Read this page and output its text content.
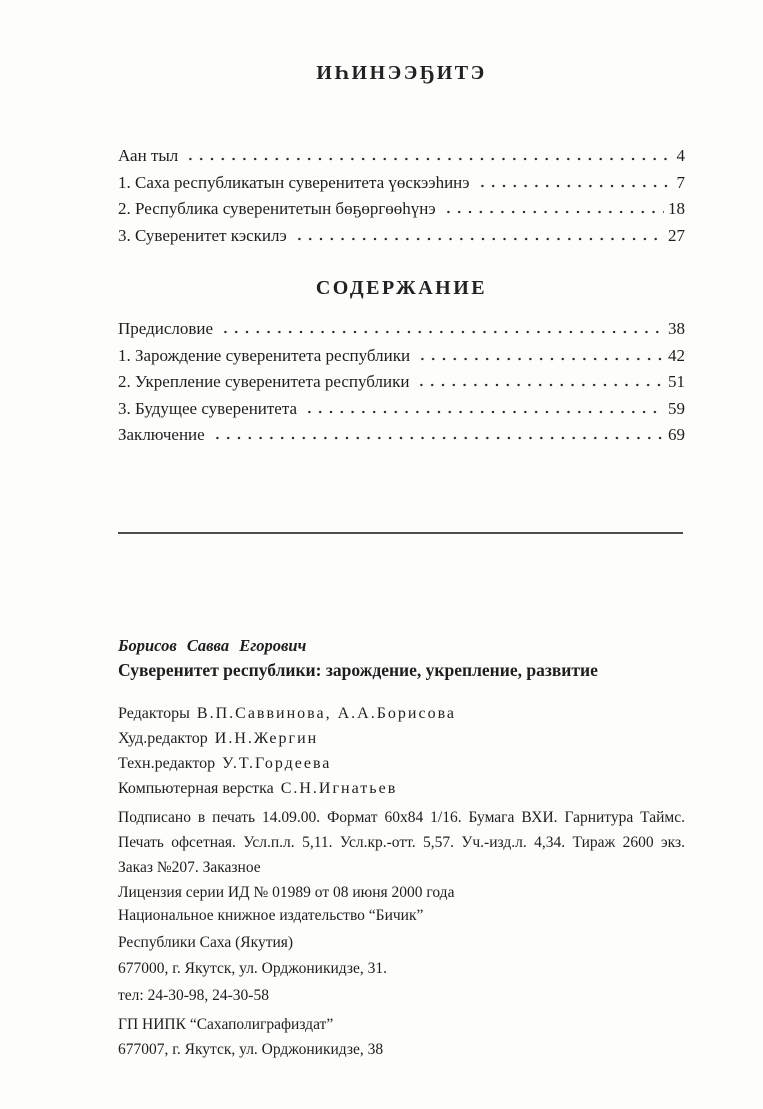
ИҺИНЭЭҔИТЭ
Аан тыл	4
1. Саха республикатын суверенитета үөскээһинэ	7
2. Республика суверенитетын бөҕөргөөһүнэ	18
3. Суверенитет кэскилэ	27
СОДЕРЖАНИЕ
Предисловие	38
1. Зарождение суверенитета республики	42
2. Укрепление суверенитета республики	51
3. Будущее суверенитета	59
Заключение	69
Борисов Савва Егорович
Суверенитет республики: зарождение, укрепление, развитие
Редакторы В.П.Саввинова, А.А.Борисова
Худ.редактор И.Н.Жергин
Техн.редактор У.Т.Гордеева
Компьютерная верстка С.Н.Игнатьев
Подписано в печать 14.09.00. Формат 60х84 1/16. Бумага ВХИ. Гарнитура Таймс.
Печать офсетная. Усл.п.л. 5,11. Усл.кр.-отт. 5,57. Уч.-изд.л. 4,34. Тираж 2600 экз.
Заказ №207. Заказное
Лицензия серии ИД № 01989 от 08 июня 2000 года
Национальное книжное издательство “Бичик”
Республики Саха (Якутия)
677000, г. Якутск, ул. Орджоникидзе, 31.
тел: 24-30-98, 24-30-58
ГП НИПК “Сахаполиграфиздат”
677007, г. Якутск, ул. Орджоникидзе, 38
